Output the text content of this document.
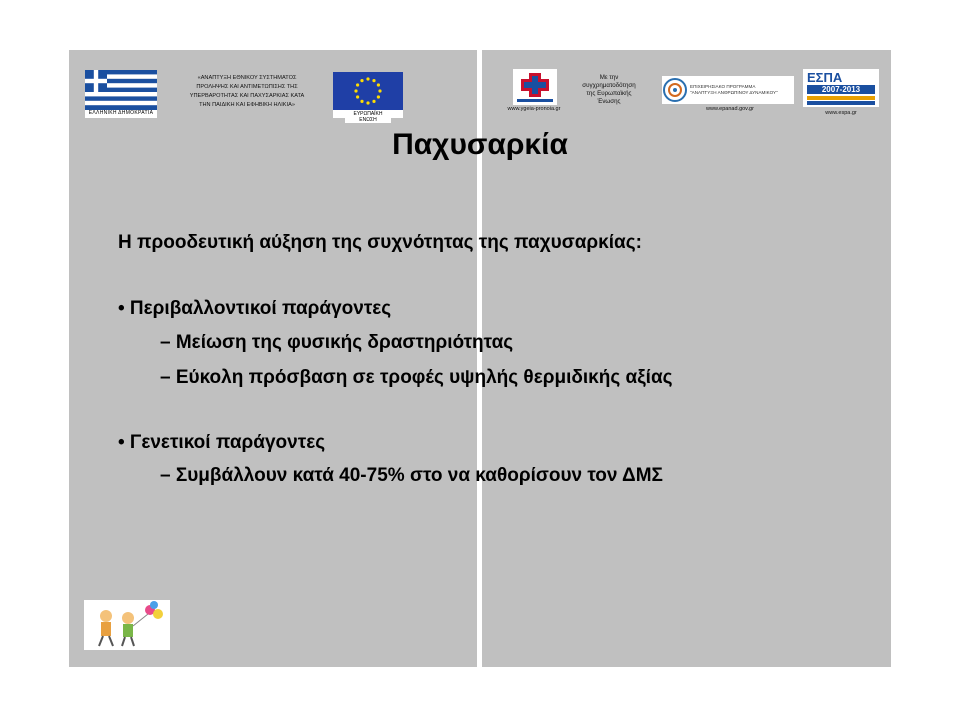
ΕΛΛΗΝΙΚΗ ΔΗΜΟΚΡΑΤΙΑ
«ΑΝΑΠΤΥΞΗ ΕΘΝΙΚΟΥ ΣΥΣΤΗΜΑΤΟΣ
ΠΡΟΛΗΨΗΣ ΚΑΙ ΑΝΤΙΜΕΤΩΠΙΣΗΣ ΤΗΣ
ΥΠΕΡΒΑΡΟΤΗΤΑΣ ΚΑΙ ΠΑΧΥΣΑΡΚΙΑΣ ΚΑΤΑ
ΤΗΝ ΠΑΙΔΙΚΗ ΚΑΙ ΕΦΗΒΙΚΗ ΗΛΙΚΙΑ»
ΕΥΡΩΠΑΪΚΗ ΕΝΩΣΗ
www.ygeia-pronoia.gr
Με την
συγχρηματοδότηση
της Ευρωπαϊκής
Ένωσης
ΕΠΙΧΕΙΡΗΣΙΑΚΟ ΠΡΟΓΡΑΜΜΑ
"ΑΝΑΠΤΥΞΗ ΑΝΘΡΩΠΙΝΟΥ ΔΥΝΑΜΙΚΟΥ"
www.epanad.gov.gr
ΕΣΠΑ
2007-2013
www.espa.gr
Παχυσαρκία
Η προοδευτική αύξηση της συχνότητας της παχυσαρκίας:
• Περιβαλλοντικοί παράγοντες
– Μείωση της φυσικής δραστηριότητας
– Εύκολη πρόσβαση σε τροφές υψηλής θερμιδικής αξίας
• Γενετικοί παράγοντες
– Συμβάλλουν κατά 40-75% στο να καθορίσουν τον ΔΜΣ
